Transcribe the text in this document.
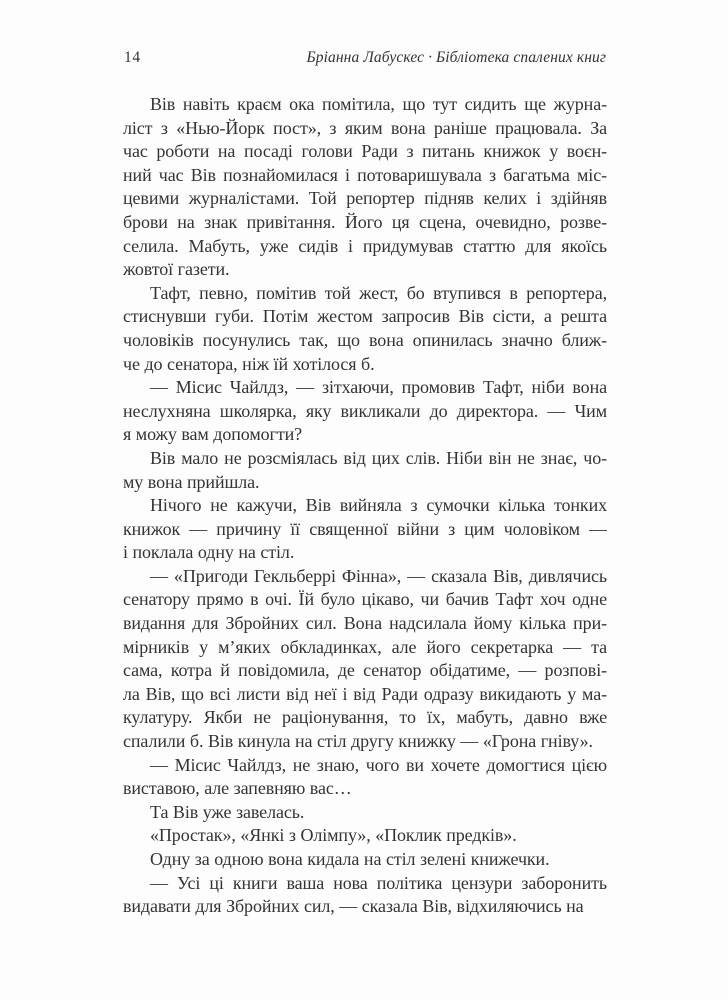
14	Бріанна Лабускес · Бібліотека спалених книг

Вів навіть краєм ока помітила, що тут сидить ще журна-
ліст з «Нью-Йорк пост», з яким вона раніше працювала. За
час роботи на посаді голови Ради з питань книжок у воєн-
ний час Вів познайомилася і потоваришувала з багатьма міс-
цевими журналістами. Той репортер підняв келих і здійняв
брови на знак привітання. Його ця сцена, очевидно, розве-
селила. Мабуть, уже сидів і придумував статтю для якоїсь
жовтої газети.

Тафт, певно, помітив той жест, бо втупився в репортера,
стиснувши губи. Потім жестом запросив Вів сісти, а решта
чоловіків посунулись так, що вона опинилась значно ближ-
че до сенатора, ніж їй хотілося б.

— Місис Чайлдз, — зітхаючи, промовив Тафт, ніби вона
неслухняна школярка, яку викликали до директора. — Чим
я можу вам допомогти?

Вів мало не розсміялась від цих слів. Ніби він не знає, чо-
му вона прийшла.

Нічого не кажучи, Вів вийняла з сумочки кілька тонких
книжок — причину її священної війни з цим чоловіком —
і поклала одну на стіл.

— «Пригоди Гекльберрі Фінна», — сказала Вів, дивлячись
сенатору прямо в очі. Їй було цікаво, чи бачив Тафт хоч одне
видання для Збройних сил. Вона надсилала йому кілька при-
мірників у м’яких обкладинках, але його секретарка — та
сама, котра й повідомила, де сенатор обідатиме, — розпові-
ла Вів, що всі листи від неї і від Ради одразу викидають у ма-
кулатуру. Якби не раціонування, то їх, мабуть, давно вже
спалили б. Вів кинула на стіл другу книжку — «Грона гніву».

— Місис Чайлдз, не знаю, чого ви хочете домогтися цією
виставою, але запевняю вас…

Та Вів уже завелась.

«Простак», «Янкі з Олімпу», «Поклик предків».

Одну за одною вона кидала на стіл зелені книжечки.

— Усі ці книги ваша нова політика цензури заборонить
видавати для Збройних сил, — сказала Вів, відхиляючись на
